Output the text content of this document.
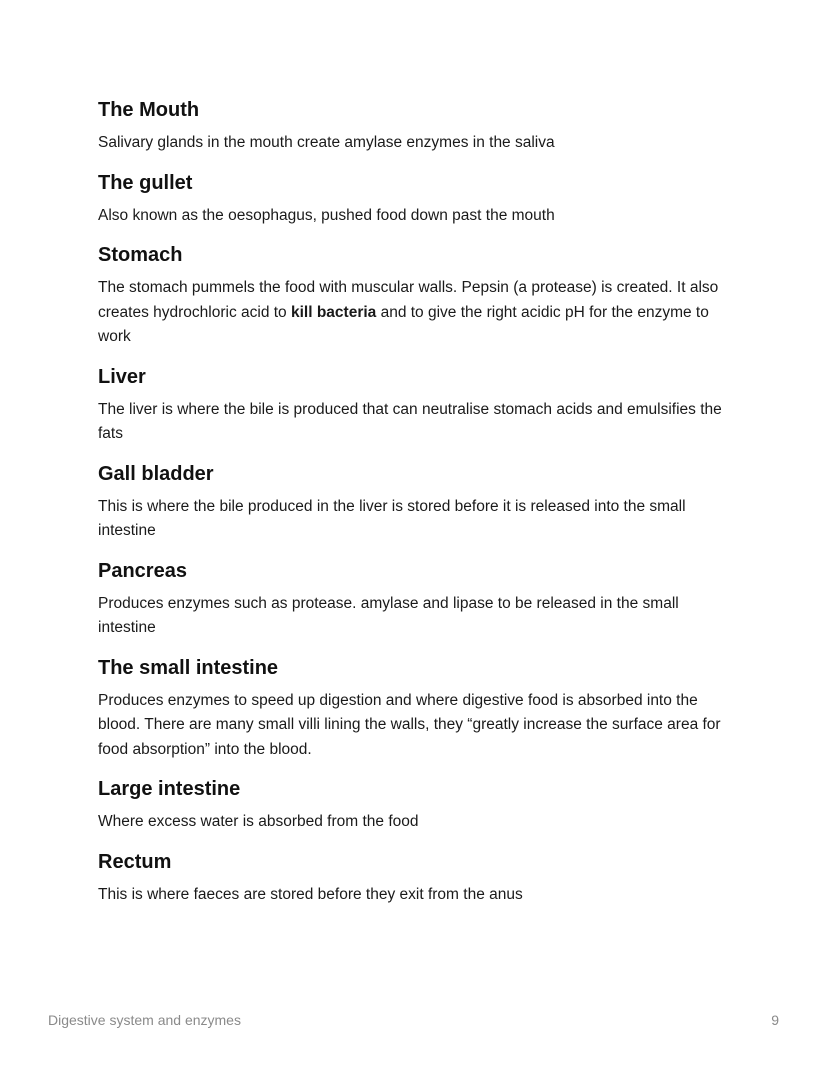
The Mouth

Salivary glands in the mouth create amylase enzymes in the saliva

The gullet

Also known as the oesophagus, pushed food down past the mouth

Stomach

The stomach pummels the food with muscular walls. Pepsin (a protease) is created. It also creates hydrochloric acid to kill bacteria and to give the right acidic pH for the enzyme to work

Liver

The liver is where the bile is produced that can neutralise stomach acids and emulsifies the fats

Gall bladder

This is where the bile produced in the liver is stored before it is released into the small intestine

Pancreas

Produces enzymes such as protease. amylase and lipase to be released in the small intestine

The small intestine

Produces enzymes to speed up digestion and where digestive food is absorbed into the blood. There are many small villi lining the walls, they “greatly increase the surface area for food absorption” into the blood.

Large intestine

Where excess water is absorbed from the food

Rectum

This is where faeces are stored before they exit from the anus

Digestive system and enzymes	9
